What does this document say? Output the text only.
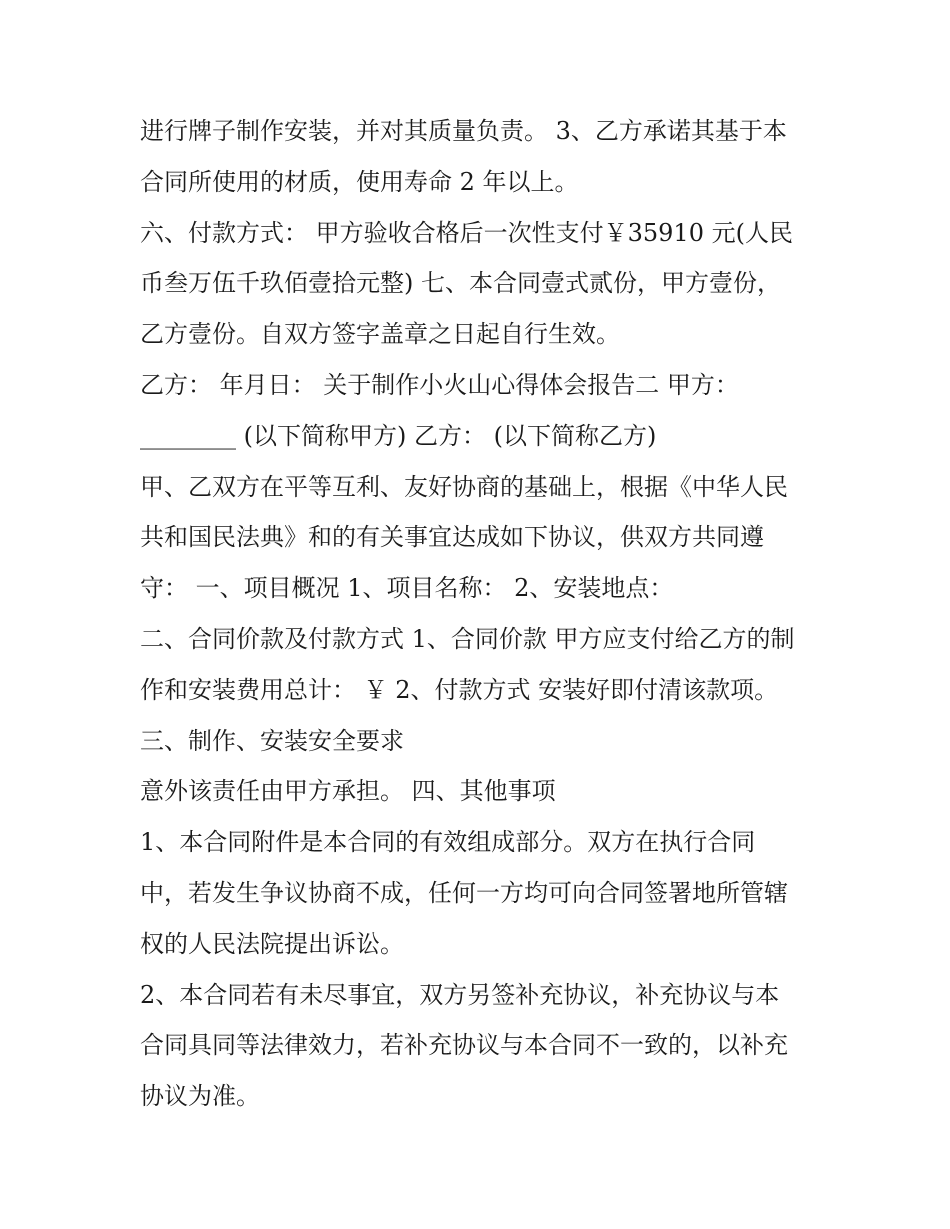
进行牌子制作安装，并对其质量负责。 3、乙方承诺其基于本
合同所使用的材质，使用寿命 2 年以上。
六、付款方式： 甲方验收合格后一次性支付￥35910 元(人民
币叁万伍千玖佰壹拾元整) 七、本合同壹式贰份，甲方壹份，
乙方壹份。自双方签字盖章之日起自行生效。
乙方： 年月日： 关于制作小火山心得体会报告二 甲方：
________ (以下简称甲方) 乙方： (以下简称乙方)
甲、乙双方在平等互利、友好协商的基础上，根据《中华人民
共和国民法典》和的有关事宜达成如下协议，供双方共同遵
守： 一、项目概况 1、项目名称： 2、安装地点：
二、合同价款及付款方式 1、合同价款 甲方应支付给乙方的制
作和安装费用总计： ￥ 2、付款方式 安装好即付清该款项。
三、制作、安装安全要求
意外该责任由甲方承担。 四、其他事项
1、本合同附件是本合同的有效组成部分。双方在执行合同
中，若发生争议协商不成，任何一方均可向合同签署地所管辖
权的人民法院提出诉讼。
2、本合同若有未尽事宜，双方另签补充协议，补充协议与本
合同具同等法律效力，若补充协议与本合同不一致的，以补充
协议为准。
